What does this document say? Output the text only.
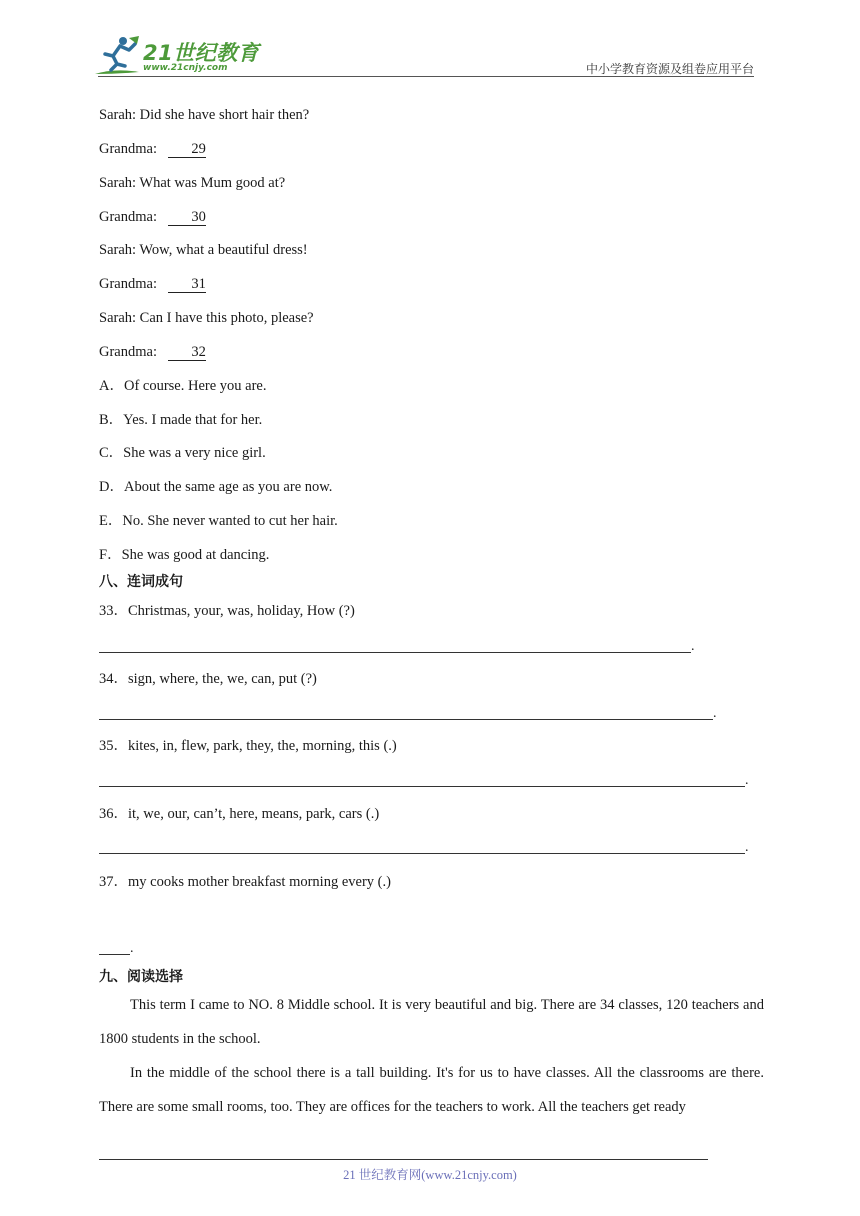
21世纪教育
www.21cnjy.com	中小学教育资源及组卷应用平台
Sarah: Did she have short hair then?
Grandma: 29
Sarah: What was Mum good at?
Grandma: 30
Sarah: Wow, what a beautiful dress!
Grandma: 31
Sarah: Can I have this photo, please?
Grandma: 32
A．Of course. Here you are.
B．Yes. I made that for her.
C．She was a very nice girl.
D．About the same age as you are now.
E．No. She never wanted to cut her hair.
F．She was good at dancing.
八、连词成句
33．Christmas, your, was, holiday, How (?)
.
34．sign, where, the, we, can, put (?)
.
35．kites, in, flew, park, they, the, morning, this (.)
.
36．it, we, our, can’t, here, means, park, cars (.)
.
37．my cooks mother breakfast morning every (.)
.
九、阅读选择
This term I came to NO. 8 Middle school. It is very beautiful and big. There are 34 classes, 120 teachers and 1800 students in the school.
In the middle of the school there is a tall building. It's for us to have classes. All the classrooms are there. There are some small rooms, too. They are offices for the teachers to work. All the teachers get ready
21 世纪教育网(www.21cnjy.com)
